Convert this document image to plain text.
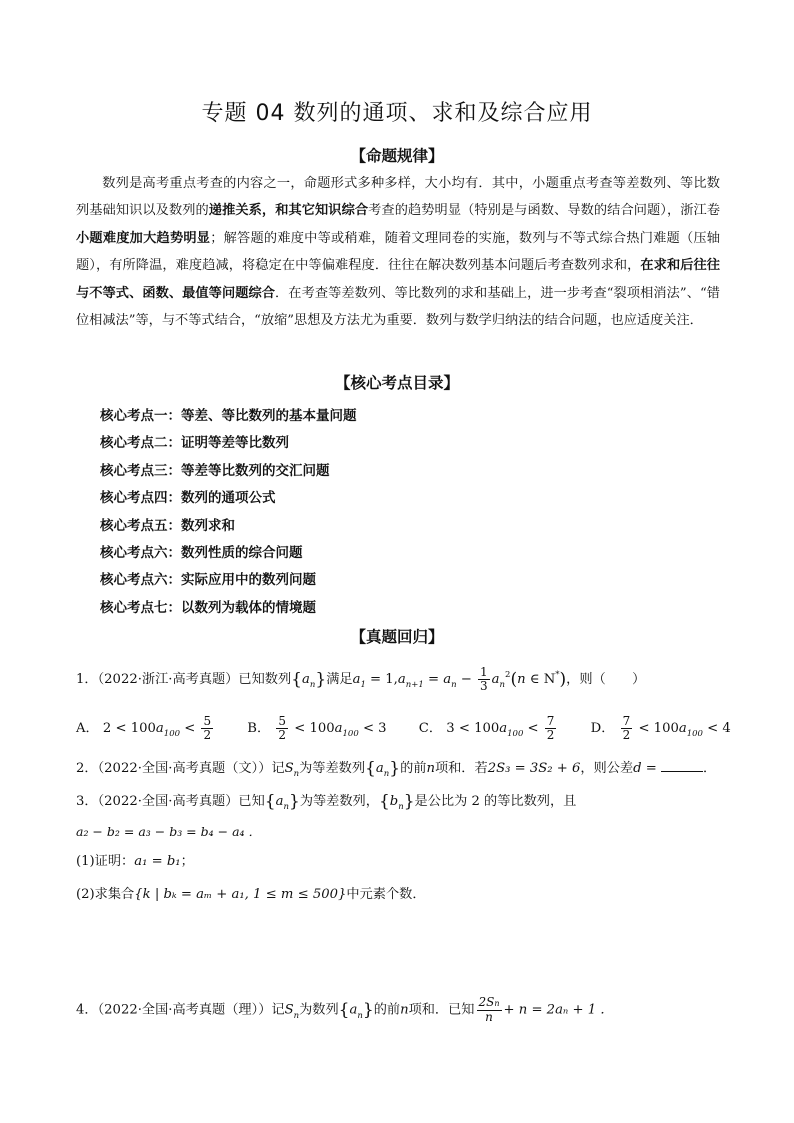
专题 04 数列的通项、求和及综合应用
【命题规律】
数列是高考重点考查的内容之一，命题形式多种多样，大小均有．其中，小题重点考查等差数列、等比数列基础知识以及数列的递推关系，和其它知识综合考查的趋势明显（特别是与函数、导数的结合问题），浙江卷小题难度加大趋势明显；解答题的难度中等或稍难，随着文理同卷的实施，数列与不等式综合热门难题（压轴题），有所降温，难度趋减，将稳定在中等偏难程度．往往在解决数列基本问题后考查数列求和，在求和后往往与不等式、函数、最值等问题综合．在考查等差数列、等比数列的求和基础上，进一步考查“裂项相消法”、“错位相减法”等，与不等式结合，“放缩”思想及方法尤为重要．数列与数学归纳法的结合问题，也应适度关注．
【核心考点目录】
核心考点一：等差、等比数列的基本量问题
核心考点二：证明等差等比数列
核心考点三：等差等比数列的交汇问题
核心考点四：数列的通项公式
核心考点五：数列求和
核心考点六：数列性质的综合问题
核心考点六：实际应用中的数列问题
核心考点七：以数列为载体的情境题
【真题回归】
1．（2022·浙江·高考真题）已知数列$\{a_n\}$满足$a_1 = 1,a_{n+1} = a_n - \frac{1}{3} a_n^2(n$ ∈ N*)，则（　　）
A． $2 < 100a_{100} < \frac{5}{2}$	B． $\frac{5}{2} < 100a_{100} < 3$ C． $3 < 100a_{100} < \frac{7}{2}$	D． $\frac{7}{2} < 100a_{100} < 4$
2．（2022·全国·高考真题（文））记$S_n$为等差数列$\{a_n\}$的前n项和．若2S₃ = 3S₂ + 6，则公差d =	．
3．（2022·全国·高考真题）已知$\{a_n\}$为等差数列，$\{b_n\}$是公比为 2 的等比数列，且
a₂ − b₂ = a₃ − b₃ = b₄ − a₄ ．
(1)证明：a₁ = b₁；
(2)求集合{k | bₖ = aₘ + a₁, 1 ≤ m ≤ 500}中元素个数．
4．（2022·全国·高考真题（理））记$S_n$为数列$\{a_n\}$的前n项和．已知 $\frac{2Sn}{n} + n = 2a_n + 1$ ．
